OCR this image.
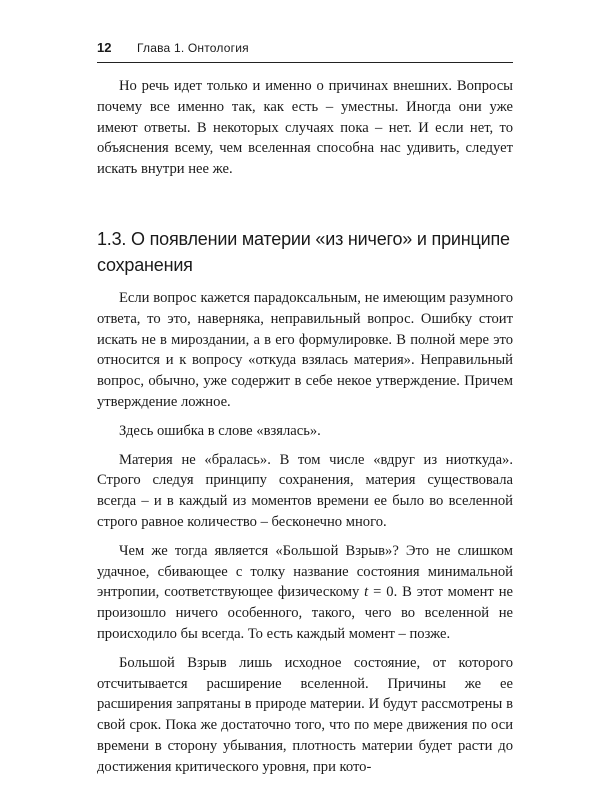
12 Глава 1. Онтология

Но речь идет только и именно о причинах внешних. Вопросы почему все именно так, как есть – уместны. Иногда они уже имеют ответы. В некоторых случаях пока – нет. И если нет, то объяснения всему, чем вселенная способна нас удивить, следует искать внутри нее же.

1.3. О появлении материи «из ничего» и принципе сохранения

Если вопрос кажется парадоксальным, не имеющим разумного ответа, то это, наверняка, неправильный вопрос. Ошибку стоит искать не в мироздании, а в его формулировке. В полной мере это относится и к вопросу «откуда взялась материя». Неправильный вопрос, обычно, уже содержит в себе некое утверждение. Причем утверждение ложное.

Здесь ошибка в слове «взялась».

Материя не «бралась». В том числе «вдруг из ниоткуда». Строго следуя принципу сохранения, материя существовала всегда – и в каждый из моментов времени ее было во вселенной строго равное количество – бесконечно много.

Чем же тогда является «Большой Взрыв»? Это не слишком удачное, сбивающее с толку название состояния минимальной энтропии, соответствующее физическому t = 0. В этот момент не произошло ничего особенного, такого, чего во вселенной не происходило бы всегда. То есть каждый момент – позже.

Большой Взрыв лишь исходное состояние, от которого отсчитывается расширение вселенной. Причины же ее расширения запрятаны в природе материи. И будут рассмотрены в свой срок. Пока же достаточно того, что по мере движения по оси времени в сторону убывания, плотность материи будет расти до достижения критического уровня, при кото-
